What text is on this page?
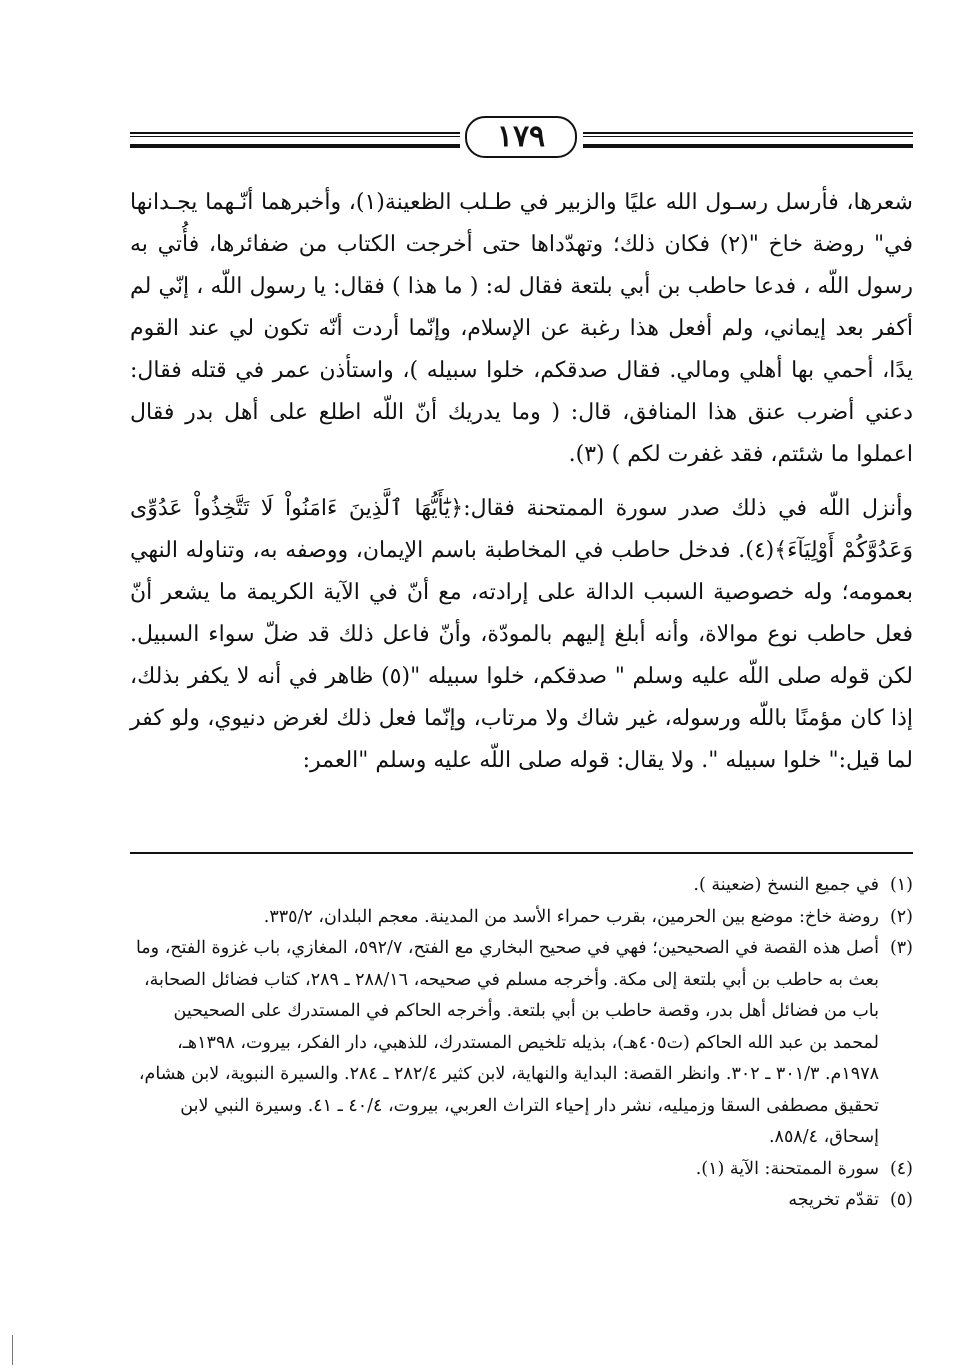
١٧٩

شعرها، فأرسل رسـول الله عليًا والزبير في طـلب الظعينة(١)، وأخبرهما أنّـهما يجـدانها في" روضة خاخ "(٢) فكان ذلك؛ وتهدّداها حتى أخرجت الكتاب من ضفائرها، فأُتي به رسول اللّه ، فدعا حاطب بن أبي بلتعة فقال له: ( ما هذا ) فقال: يا رسول اللّه ، إنّي لم أكفر بعد إيماني، ولم أفعل هذا رغبة عن الإسلام، وإنّما أردت أنّه تكون لي عند القوم يدًا، أحمي بها أهلي ومالي. فقال صدقكم، خلوا سبيله )، واستأذن عمر في قتله فقال: دعني أضرب عنق هذا المنافق، قال: ( وما يدريك أنّ اللّه اطلع على أهل بدر فقال اعملوا ما شئتم، فقد غفرت لكم ) (٣).

وأنزل اللّه في ذلك صدر سورة الممتحنة فقال:﴿يَٰٓأَيُّهَا ٱلَّذِينَ ءَامَنُواْ لَا تَتَّخِذُواْ عَدُوِّى وَعَدُوَّكُمْ أَوْلِيَآءَ﴾(٤). فدخل حاطب في المخاطبة باسم الإيمان، ووصفه به، وتناوله النهي بعمومه؛ وله خصوصية السبب الدالة على إرادته، مع أنّ في الآية الكريمة ما يشعر أنّ فعل حاطب نوع موالاة، وأنه أبلغ إليهم بالمودّة، وأنّ فاعل ذلك قد ضلّ سواء السبيل. لكن قوله صلى اللّه عليه وسلم " صدقكم، خلوا سبيله "(٥) ظاهر في أنه لا يكفر بذلك، إذا كان مؤمنًا باللّه ورسوله، غير شاك ولا مرتاب، وإنّما فعل ذلك لغرض دنيوي، ولو كفر لما قيل:" خلوا سبيله ". ولا يقال: قوله صلى اللّه عليه وسلم "العمر:

(١)
في جميع النسخ (ضعينة ).
(٢)
روضة خاخ: موضع بين الحرمين، بقرب حمراء الأسد من المدينة. معجم البلدان، ٣٣٥/٢.
(٣)
أصل هذه القصة في الصحيحين؛ فهي في صحيح البخاري مع الفتح، ٥٩٢/٧، المغازي، باب غزوة الفتح، وما بعث به حاطب بن أبي بلتعة إلى مكة. وأخرجه مسلم في صحيحه، ٢٨٨/١٦ ـ ٢٨٩، كتاب فضائل الصحابة، باب من فضائل أهل بدر، وقصة حاطب بن أبي بلتعة. وأخرجه الحاكم في المستدرك على الصحيحين لمحمد بن عبد الله الحاكم (ت٤٠٥هـ)، بذيله تلخيص المستدرك، للذهبي، دار الفكر، بيروت، ١٣٩٨هـ، ١٩٧٨م. ٣٠١/٣ ـ ٣٠٢. وانظر القصة: البداية والنهاية، لابن كثير ٢٨٢/٤ ـ ٢٨٤. والسيرة النبوية، لابن هشام، تحقيق مصطفى السقا وزميليه، نشر دار إحياء التراث العربي، بيروت، ٤٠/٤ ـ ٤١. وسيرة النبي لابن إسحاق، ٨٥٨/٤.
(٤)
سورة الممتحنة: الآية (١).
(٥)
تقدّم تخريجه
